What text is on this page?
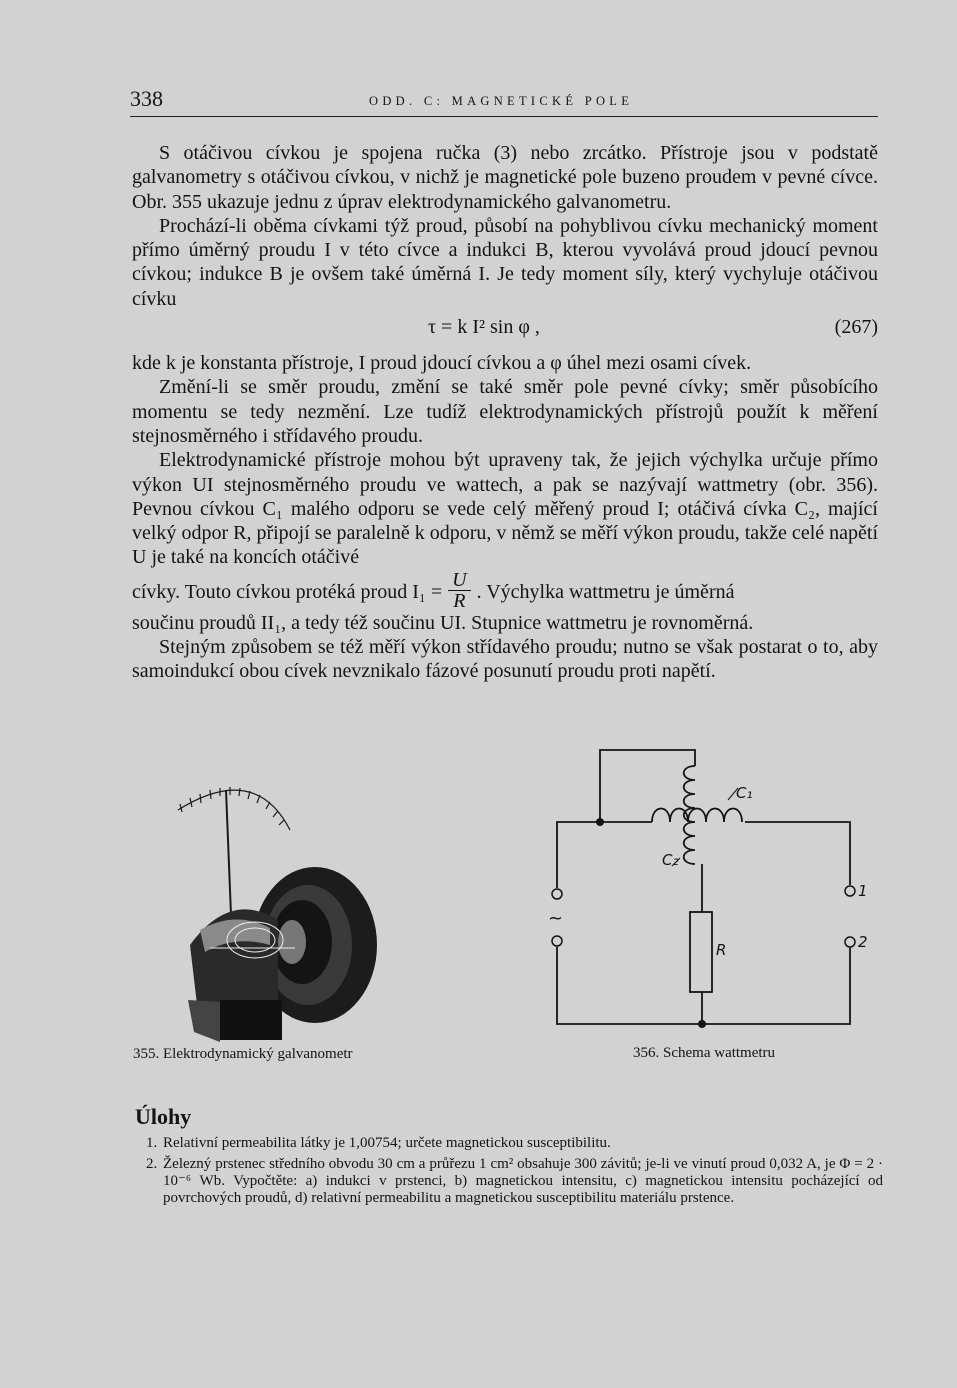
338	ODD. C: MAGNETICKÉ POLE

S otáčivou cívkou je spojena ručka (3) nebo zrcátko. Přístroje jsou v podstatě galvanometry s otáčivou cívkou, v nichž je magnetické pole buzeno proudem v pevné cívce. Obr. 355 ukazuje jednu z úprav elektrodynamického galvanometru.

Prochází-li oběma cívkami týž proud, působí na pohyblivou cívku mechanický moment přímo úměrný proudu I v této cívce a indukci B, kterou vyvolává proud jdoucí pevnou cívkou; indukce B je ovšem také úměrná I. Je tedy moment síly, který vychyluje otáčivou cívku

τ = k I² sin φ ,	(267)

kde k je konstanta přístroje, I proud jdoucí cívkou a φ úhel mezi osami cívek.

Změní-li se směr proudu, změní se také směr pole pevné cívky; směr působícího momentu se tedy nezmění. Lze tudíž elektrodynamických přístrojů použít k měření stejnosměrného i střídavého proudu.

Elektrodynamické přístroje mohou být upraveny tak, že jejich výchylka určuje přímo výkon UI stejnosměrného proudu ve wattech, a pak se nazývají wattmetry (obr. 356). Pevnou cívkou C₁ malého odporu se vede celý měřený proud I; otáčivá cívka C₂, mající velký odpor R, připojí se paralelně k odporu, v němž se měří výkon proudu, takže celé napětí U je také na koncích otáčivé

cívky. Touto cívkou protéká proud $I_1 = \frac{U}{R}$ . Výchylka wattmetru je úměrná

součinu proudů II₁, a tedy též součinu UI. Stupnice wattmetru je rovnoměrná.

Stejným způsobem se též měří výkon střídavého proudu; nutno se však postarat o to, aby samoindukcí obou cívek nevznikalo fázové posunutí proudu proti napětí.

355. Elektrodynamický galvanometr
C₁
C₂
R
1
2
~
356. Schema wattmetru
Úlohy
1. Relativní permeabilita látky je 1,00754; určete magnetickou susceptibilitu.
2. Železný prstenec středního obvodu 30 cm a průřezu 1 cm² obsahuje 300 závitů; je-li ve vinutí proud 0,032 A, je Φ = 2 · 10⁻⁶ Wb. Vypočtěte: a) indukci v prstenci, b) magnetickou intensitu, c) magnetickou intensitu pocházející od povrchových proudů, d) relativní permeabilitu a magnetickou susceptibilitu materiálu prstence.
